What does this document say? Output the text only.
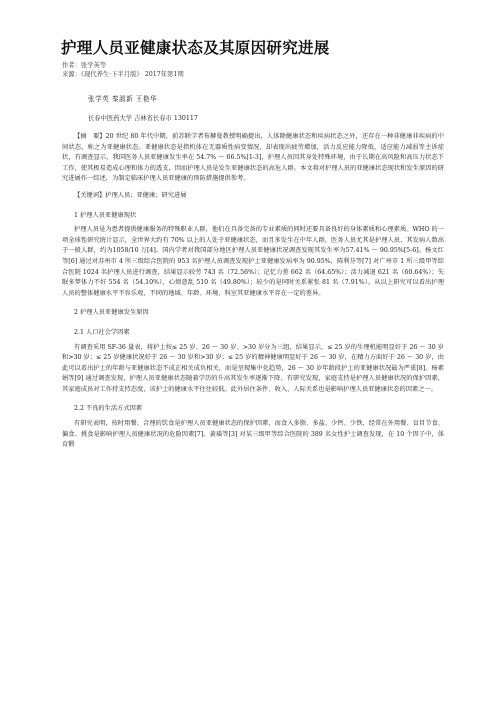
护理人员亚健康状态及其原因研究进展
作者：张学英等
来源：《现代养生·下半月版》 2017年第1期
张学英 秦淑新 王艳华
长春中医药大学 吉林省长春市 130117

【摘　要】20 世纪 80 年代中期，前苏联学者布赫曼教授明确提出，人体除健康状态和疾病状态之外，还存在一种非健康非疾病的中间状态，称之为亚健康状态。亚健康状态是指机体在无器质性病变情况，却表现出疲劳增加，活力反应能力降低，适应能力减弱等主诉症状，有调查显示，我国医务人员亚健康发生率在 54.7% ～ 66.5%[1-3]，护理人员因其身处特殊环境，由于长期在高风险和高压力状态下工作，使其极易造成心理和体力的透支，因而护理人员是发生亚健康状态的高危人群。本文将对护理人员的亚健康状态现状和发生原因的研究进展作一综述，为制定临床护理人员亚健康的预防措施提供参考。

【关键词】护理人员；亚健康；研究进展

1 护理人员亚健康现状

护理人员是为患者提供健康服务的特殊职业人群，他们在具备完备的专业素质的同时还要具备良好的身体素质和心理素质。WHO 的一项全球性研究统计显示，全世界大约有 70% 以上的人处于亚健康状态，而且多发生在中年人群，医务人员尤其是护理人员，其发病人数高于一般人群，约为1058/10 万[4]。国内学者对我国部分地区护理人员亚健康状况调查发现其发生率为57.41% ～ 90.95%[5-6]。杨文红等[6] 通过对苏州市 4 所三级综合医院的 953 名护理人员调查发现护士亚健康发病率为 90.95%，陈利芬等[7] 对广州市 1 所三级甲等综合医院 1024 名护理人员进行调查，结果显示较劳 743 名（72.56%）；记忆力差 662 名（64.65%）；活力减退 621 名（60.64%）；失眠多梦体力不好 554 名（54.10%），心烦意乱 510 名（49.80%）；较少的是同时关系紧张 81 名（7.91%）。从以上研究可以看出护理人员的整体健康水平不容乐观，不同的地域、年龄、环境、科室其亚健康水平存在一定的差异。

2 护理人员亚健康发生原因
2.1 人口社会学因素

有调查采用 SF-36 量表，将护士按≤ 25 岁、26 ～ 30 岁、>30 岁分为三组，结果显示，≤ 25 岁的生理机能明显好于 26 ～ 30 岁和>30 岁；≤ 25 岁健康状况好于 26 ～ 30 岁和>30 岁；≤ 25 岁的精神健康明显好于 26 ～ 30 岁，在精力方面好于 26 ～ 30 岁，由此可以看出护士的年龄与亚健康状态不成正相关成负相关，而是呈现集中化趋势，26 ～ 30 岁年龄段护士的亚健康状况最为严重[8]。杨素娟等[9] 通过调查发现，护理人员亚健康状态随着学历的升高其发生率逐渐下降。有研究发现，家庭支持是护理人员健康状况的保护因素，其家庭成员对工作持支持态度，该护士的健康水平往往较低。此外居住条件、收入、人际关系也是影响护理人员亚健康状态的因素之一。

2.2 不良的生活方式因素

有研究表明，按时用餐、合理的饮食是护理人员亚健康状态的保护因素，而食入多脂、多盐、少钙、少铁，经常在外用餐、盲目节食、偏食、挑食是影响护理人员健康状况的危险因素[7]。黄璜等[3] 对某三级甲等综合医院的 389 名女性护士调查发现，在 10 个因子中，体育锻
